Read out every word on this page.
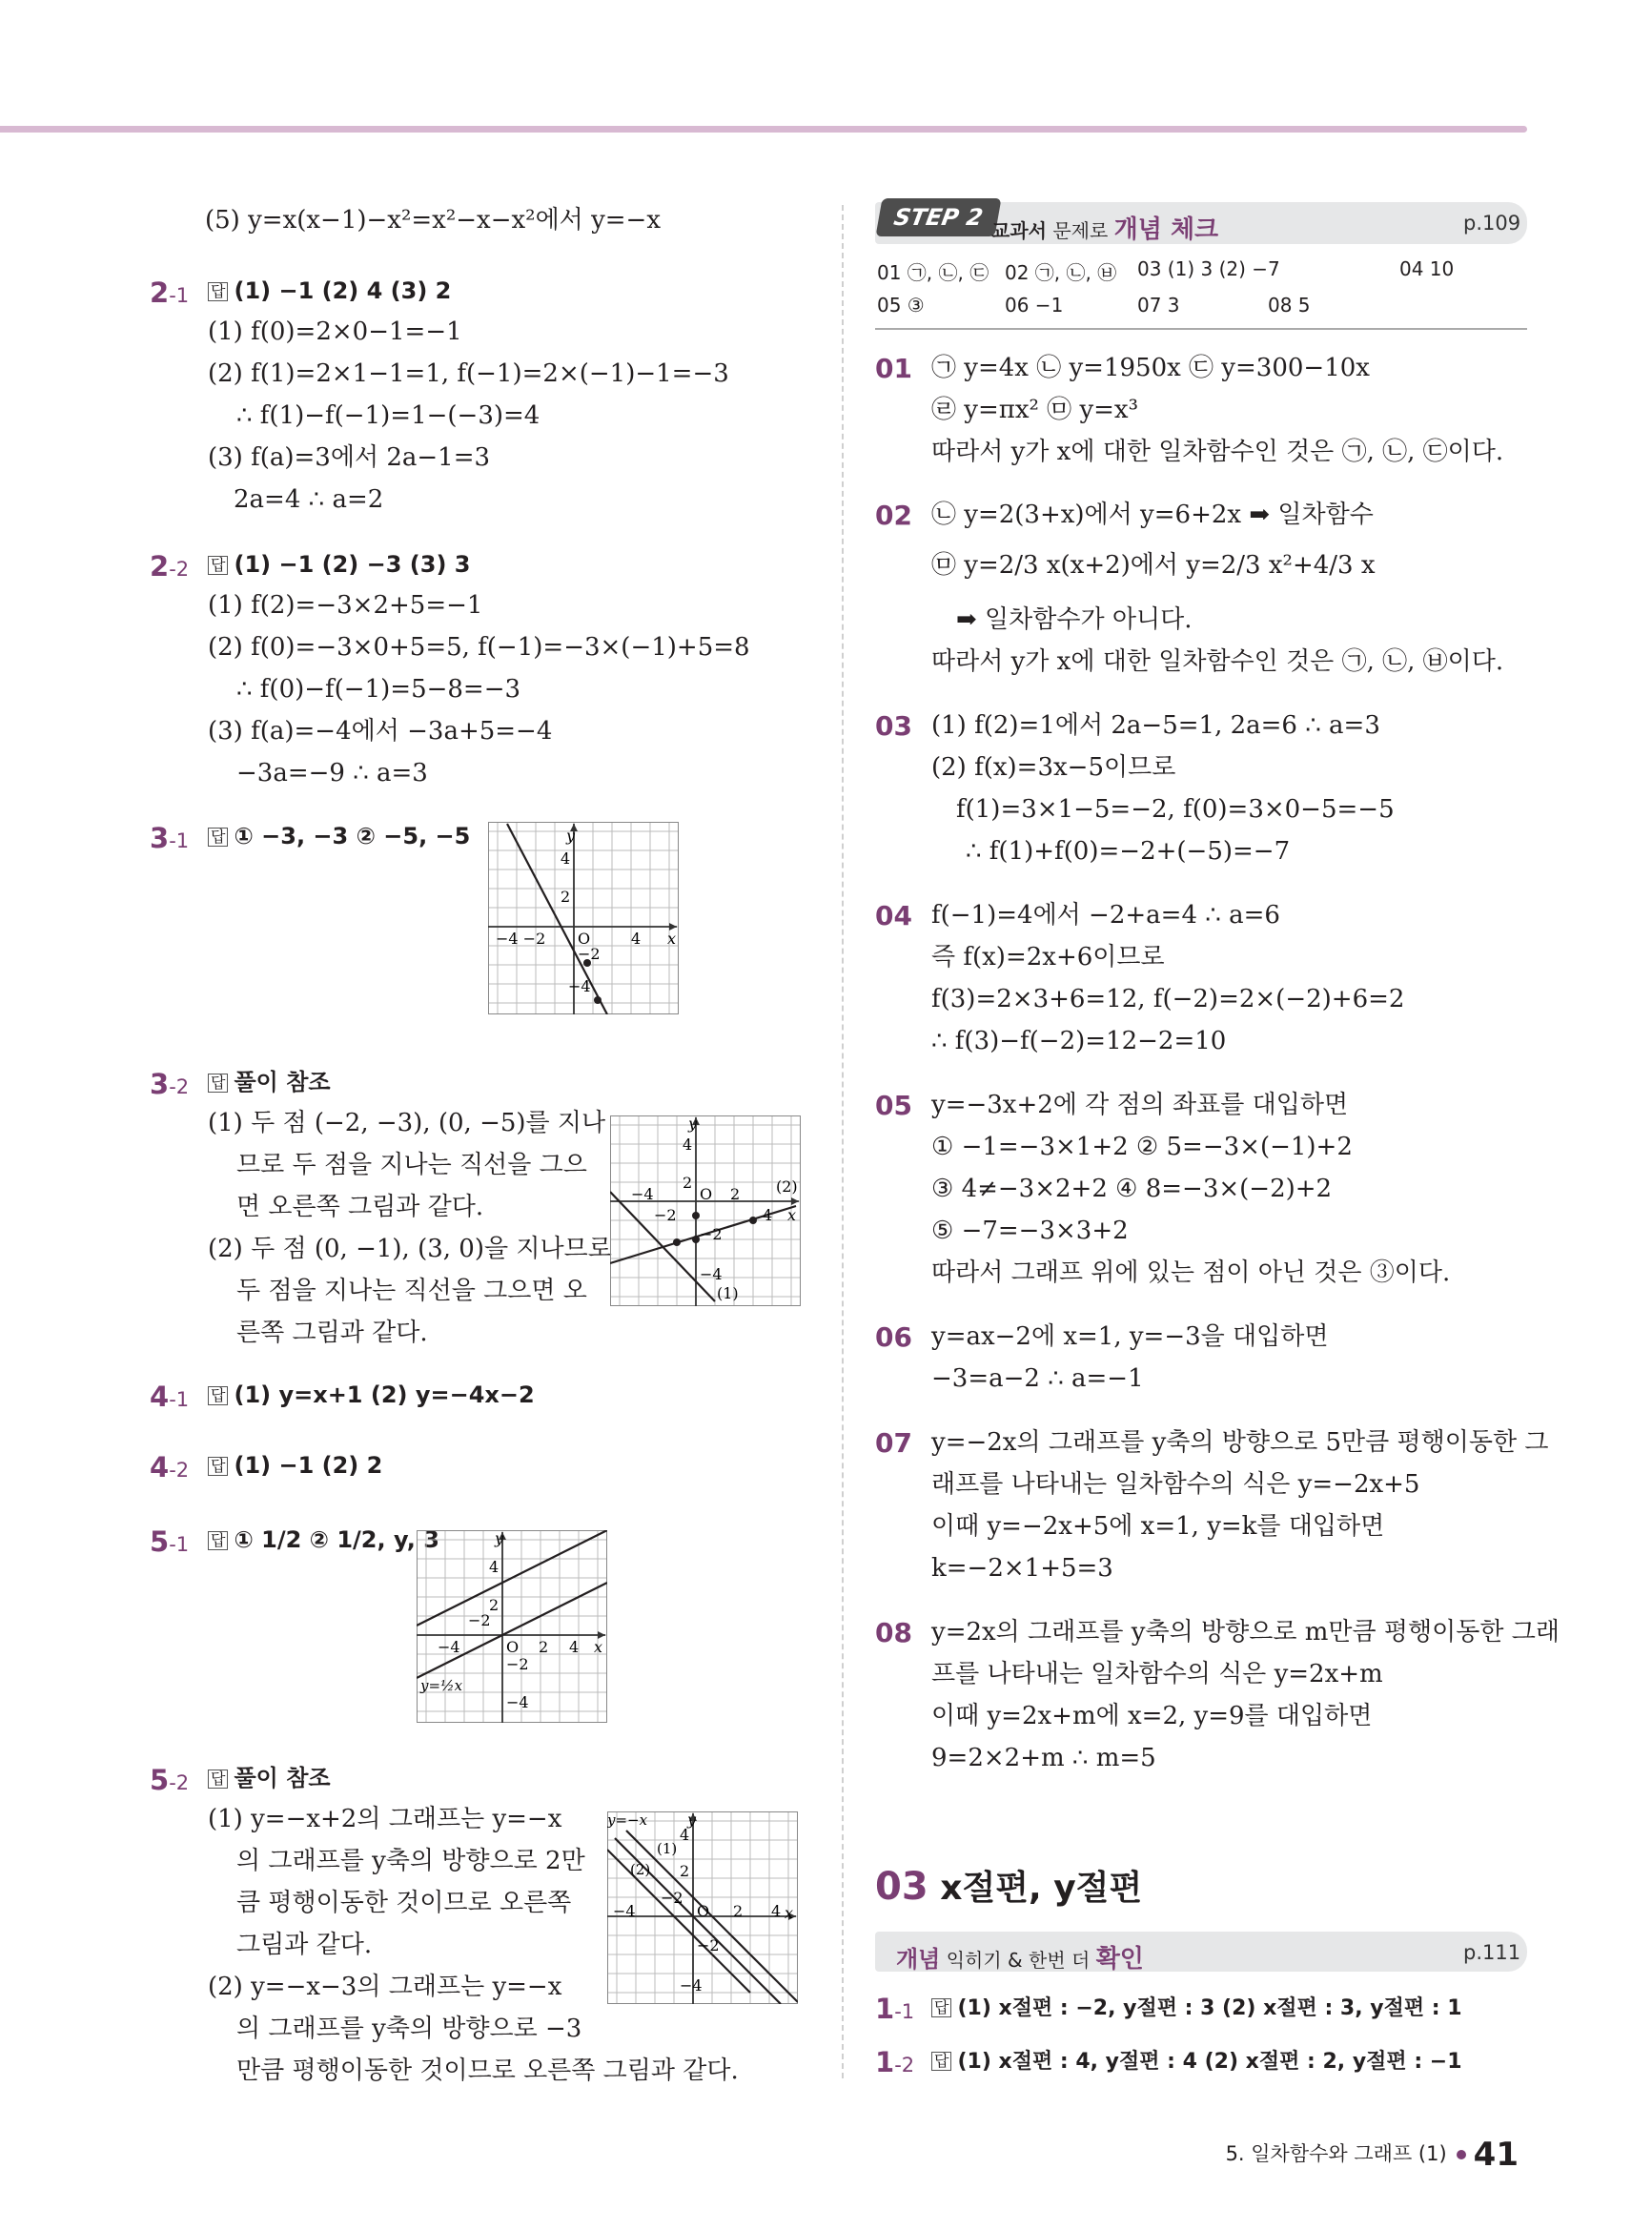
(5) y=x(x−1)−x²=x²−x−x²에서 y=−x
2-1 답 (1) −1 (2) 4 (3) 2
(1) f(0)=2×0−1=−1
(2) f(1)=2×1−1=1, f(−1)=2×(−1)−1=−3
∴ f(1)−f(−1)=1−(−3)=4
(3) f(a)=3에서 2a−1=3
2a=4 ∴ a=2
2-2 답 (1) −1 (2) −3 (3) 3
(1) f(2)=−3×2+5=−1
(2) f(0)=−3×0+5=5, f(−1)=−3×(−1)+5=8
∴ f(0)−f(−1)=5−8=−3
(3) f(a)=−4에서 −3a+5=−4
−3a=−9 ∴ a=3
3-1 답 ① −3, −3 ② −5, −5	y
x
4
2
−4 −2 O	4
−2
−4
3-2 답 풀이 참조
(1) 두 점 (−2, −3), (0, −5)를 지나
므로 두 점을 지나는 직선을 그으
면 오른쪽 그림과 같다.
(2) 두 점 (0, −1), (3, 0)을 지나므로
두 점을 지나는 직선을 그으면 오
른쪽 그림과 같다.
(2)
(1)
y
x
4
2
−4	O 2
−2	4
−2
−4
4-1 답 (1) y=x+1 (2) y=−4x−2
4-2 답 (1) −1 (2) 2
5-1 답 ① 1/2 ② 1/2, y, 3	y
x
4
2
−2
−4	O 2 4
−2
y=½x
−4
5-2 답 풀이 참조
(1) y=−x+2의 그래프는 y=−x
의 그래프를 y축의 방향으로 2만
큼 평행이동한 것이므로 오른쪽
그림과 같다.
(2) y=−x−3의 그래프는 y=−x
의 그래프를 y축의 방향으로 −3
만큼 평행이동한 것이므로 오른쪽 그림과 같다.
y=−x
(1)
(2)
y
x
4
2
−2
−4	O 2 4
−2
−4
STEP 2 교과서 문제로 개념 체크	p.109
01 ㉠, ㉡, ㉢ 02 ㉠, ㉡, ㉥ 03 (1) 3 (2) −7	04 10
05 ③	06 −1	07 3	08 5
01 ㉠ y=4x ㉡ y=1950x ㉢ y=300−10x
㉣ y=πx² ㉤ y=x³
따라서 y가 x에 대한 일차함수인 것은 ㉠, ㉡, ㉢이다.
02 ㉡ y=2(3+x)에서 y=6+2x ➡ 일차함수
㉤ y=2/3 x(x+2)에서 y=2/3 x²+4/3 x
➡ 일차함수가 아니다.
따라서 y가 x에 대한 일차함수인 것은 ㉠, ㉡, ㉥이다.
03 (1) f(2)=1에서 2a−5=1, 2a=6 ∴ a=3
(2) f(x)=3x−5이므로
f(1)=3×1−5=−2, f(0)=3×0−5=−5
∴ f(1)+f(0)=−2+(−5)=−7
04 f(−1)=4에서 −2+a=4 ∴ a=6
즉 f(x)=2x+6이므로
f(3)=2×3+6=12, f(−2)=2×(−2)+6=2
∴ f(3)−f(−2)=12−2=10
05 y=−3x+2에 각 점의 좌표를 대입하면
① −1=−3×1+2 ② 5=−3×(−1)+2
③ 4≠−3×2+2 ④ 8=−3×(−2)+2
⑤ −7=−3×3+2
따라서 그래프 위에 있는 점이 아닌 것은 ③이다.
06 y=ax−2에 x=1, y=−3을 대입하면
−3=a−2 ∴ a=−1
07 y=−2x의 그래프를 y축의 방향으로 5만큼 평행이동한 그
래프를 나타내는 일차함수의 식은 y=−2x+5
이때 y=−2x+5에 x=1, y=k를 대입하면
k=−2×1+5=3
08 y=2x의 그래프를 y축의 방향으로 m만큼 평행이동한 그래
프를 나타내는 일차함수의 식은 y=2x+m
이때 y=2x+m에 x=2, y=9를 대입하면
9=2×2+m ∴ m=5
03 x절편, y절편
개념 익히기 & 한번 더 확인	p.111
1-1 답 (1) x절편 : −2, y절편 : 3 (2) x절편 : 3, y절편 : 1
1-2 답 (1) x절편 : 4, y절편 : 4 (2) x절편 : 2, y절편 : −1
5. 일차함수와 그래프 (1) 41
